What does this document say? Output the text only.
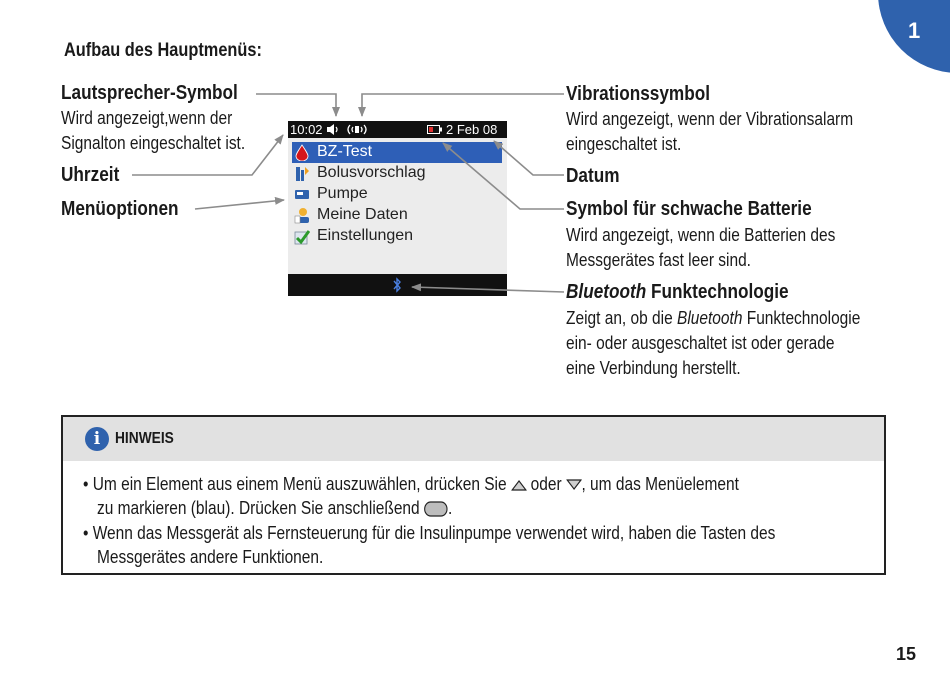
1
Aufbau des Hauptmenüs:
Lautsprecher-Symbol
Wird angezeigt,wenn der
Signalton eingeschaltet ist.
Uhrzeit
Menüoptionen
Vibrationssymbol
Wird angezeigt, wenn der Vibrationsalarm
eingeschaltet ist.
Datum
Symbol für schwache Batterie
Wird angezeigt, wenn die Batterien des
Messgerätes fast leer sind.
Bluetooth Funktechnologie
Zeigt an, ob die Bluetooth Funktechnologie
ein- oder ausgeschaltet ist oder gerade
eine Verbindung herstellt.
10:02	2 Feb 08
BZ-Test
Bolusvorschlag
Pumpe
Meine Daten
Einstellungen
i HINWEIS
• Um ein Element aus einem Menü auszuwählen, drücken Sie  oder , um das Menüelement
zu markieren (blau). Drücken Sie anschließend .
• Wenn das Messgerät als Fernsteuerung für die Insulinpumpe verwendet wird, haben die Tasten des
Messgerätes andere Funktionen.
15
